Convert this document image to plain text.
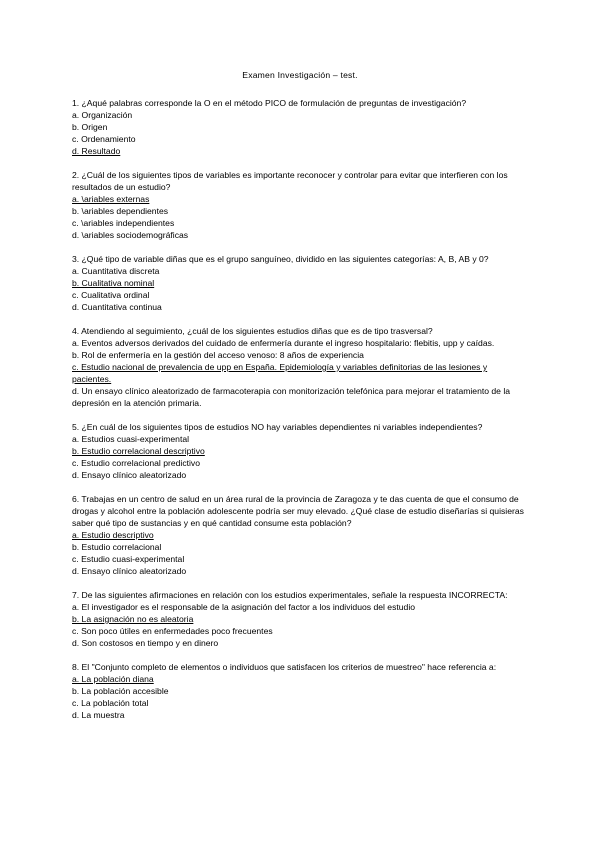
Examen Investigación – test.

1. ¿Aqué palabras corresponde la O en el método PICO de formulación de preguntas de investigación?

a. Organización

b. Origen

c. Ordenamiento

d. Resultado

2. ¿Cuál de los siguientes tipos de variables es importante reconocer y controlar para evitar que interfieren con los resultados de un estudio?

a. \ariables externas

b. \ariables dependientes

c. \ariables independientes

d. \ariables sociodemográficas

3. ¿Qué tipo de variable diñas que es el grupo sanguíneo, dividido en las siguientes categorías: A, B, AB y 0?

a. Cuantitativa discreta

b. Cualitativa nominal

c. Cualitativa ordinal

d. Cuantitativa continua

4. Atendiendo al seguimiento, ¿cuál de los siguientes estudios diñas que es de tipo trasversal?

a. Eventos adversos derivados del cuidado de enfermería durante el ingreso hospitalario: flebitis, upp y caídas.

b. Rol de enfermería en la gestión del acceso venoso: 8 años de experiencia

c. Estudio nacional de prevalencia de upp en España. Epidemiología y variables definitorias de las lesiones y pacientes.

d. Un ensayo clínico aleatorizado de farmacoterapia con monitorización telefónica para mejorar el tratamiento de la depresión en la atención primaria.

5. ¿En cuál de los siguientes tipos de estudios NO hay variables dependientes ni variables independientes?

a. Estudios cuasi-experimental

b. Estudio correlacional descriptivo

c. Estudio correlacional predictivo

d. Ensayo clínico aleatorizado

6. Trabajas en un centro de salud en un área rural de la provincia de Zaragoza y te das cuenta de que el consumo de drogas y alcohol entre la población adolescente podría ser muy elevado. ¿Qué clase de estudio diseñarías si quisieras saber qué tipo de sustancias y en qué cantidad consume esta población?

a. Estudio descriptivo

b. Estudio correlacional

c. Estudio cuasi-experimental

d. Ensayo clínico aleatorizado

7. De las siguientes afirmaciones en relación con los estudios experimentales, señale la respuesta INCORRECTA:

a. El investigador es el responsable de la asignación del factor a los individuos del estudio

b. La asignación no es aleatoria

c. Son poco útiles en enfermedades poco frecuentes

d. Son costosos en tiempo y en dinero

8. El "Conjunto completo de elementos o individuos que satisfacen los criterios de muestreo" hace referencia a:

a. La población diana

b. La población accesible

c. La población total

d. La muestra
